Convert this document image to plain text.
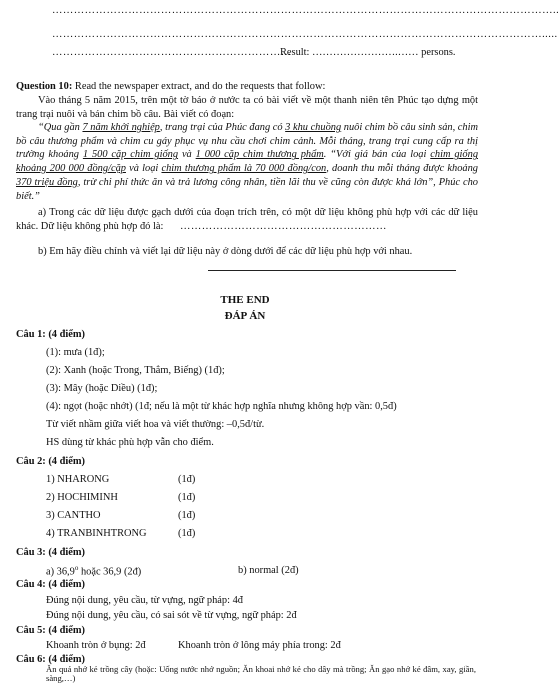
…………………………………………………………………………………………………………………………..
……………………………………………………………………………………………………………………….....
…………………………………………………………
Result: …………………….…… persons.
Question 10: Read the newspaper extract, and do the requests that follow:
Vào tháng 5 năm 2015, trên một tờ báo ở nước ta có bài viết về một thanh niên tên Phúc tạo dựng một trang trại nuôi và bán chim bồ câu. Bài viết có đoạn:
“Qua gần 7 năm khởi nghiệp, trang trại của Phúc đang có 3 khu chuồng nuôi chim bồ câu sinh sản, chim bồ câu thương phẩm và chim cu gáy phục vụ nhu cầu chơi chim cảnh. Mỗi tháng, trang trại cung cấp ra thị trường khoảng 1 500 cặp chim giống và 1 000 cặp chim thương phẩm. “Với giá bán của loại chim giống khoảng 200 000 đồng/cặp và loại chim thương phẩm là 70 000 đồng/con, doanh thu mỗi tháng được khoảng 370 triệu đồng, trừ chi phí thức ăn và trả lương công nhân, tiền lãi thu về cũng còn được khá lớn”, Phúc cho biết.”
a) Trong các dữ liệu được gạch dưới của đoạn trích trên, có một dữ liệu không phù hợp với các dữ liệu khác. Dữ liệu không phù hợp đó là: …………………………………………………
b) Em hãy điều chỉnh và viết lại dữ liệu này ở dòng dưới để các dữ liệu phù hợp với nhau.
THE END
ĐÁP ÁN
Câu 1: (4 điểm)
(1): mưa (1đ);
(2): Xanh (hoặc Trong, Thẳm, Biếng) (1đ);
(3): Mây (hoặc Diều) (1đ);
(4): ngọt (hoặc nhớt) (1đ; nếu là một từ khác hợp nghĩa nhưng không hợp vần: 0,5đ)
Từ viết nhầm giữa viết hoa và viết thường: –0,5đ/từ.
HS dùng từ khác phù hợp vẫn cho điểm.
Câu 2: (4 điểm)
1) NHARONG	(1đ)
2) HOCHIMINH	(1đ)
3) CANTHO	(1đ)
4) TRANBINHTRONG	(1đ)
Câu 3: (4 điểm)
a) 36,9$^o$ hoặc 36,9 (2đ)	b) normal (2đ)
Câu 4: (4 điểm)
Đúng nội dung, yêu cầu, từ vựng, ngữ pháp: 4đ
Đúng nội dung, yêu cầu, có sai sót về từ vựng, ngữ pháp: 2đ
Câu 5: (4 điểm)
Khoanh tròn ở bụng: 2đ	Khoanh tròn ở lông máy phía trong: 2đ
Câu 6: (4 điểm)
Ăn quả nhớ kẻ trồng cây (hoặc: Uống nước nhớ nguồn; Ăn khoai nhớ kẻ cho dây mà trồng; Ăn gạo nhớ kẻ đâm, xay, giần, sàng,…)
